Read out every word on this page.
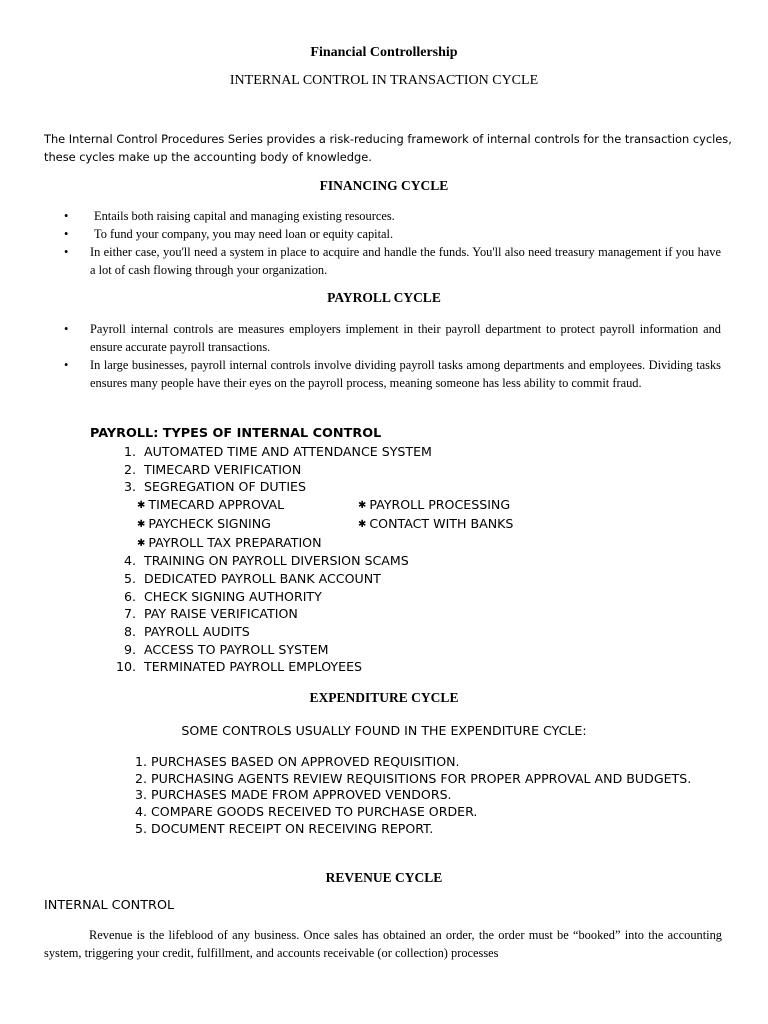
Financial Controllership
INTERNAL CONTROL IN TRANSACTION CYCLE
The Internal Control Procedures Series provides a risk-reducing framework of internal controls for the transaction cycles, these cycles make up the accounting body of knowledge.
FINANCING CYCLE
• Entails both raising capital and managing existing resources.
• To fund your company, you may need loan or equity capital.
• In either case, you'll need a system in place to acquire and handle the funds. You'll also need treasury management if you have a lot of cash flowing through your organization.
PAYROLL CYCLE
• Payroll internal controls are measures employers implement in their payroll department to protect payroll information and ensure accurate payroll transactions.
• In large businesses, payroll internal controls involve dividing payroll tasks among departments and employees. Dividing tasks ensures many people have their eyes on the payroll process, meaning someone has less ability to commit fraud.
PAYROLL: TYPES OF INTERNAL CONTROL
1. AUTOMATED TIME AND ATTENDANCE SYSTEM
2. TIMECARD VERIFICATION
3. SEGREGATION OF DUTIES
✱ TIMECARD APPROVAL	✱ PAYROLL PROCESSING
✱ PAYCHECK SIGNING	✱ CONTACT WITH BANKS
✱ PAYROLL TAX PREPARATION
4. TRAINING ON PAYROLL DIVERSION SCAMS
5. DEDICATED PAYROLL BANK ACCOUNT
6. CHECK SIGNING AUTHORITY
7. PAY RAISE VERIFICATION
8. PAYROLL AUDITS
9. ACCESS TO PAYROLL SYSTEM
10. TERMINATED PAYROLL EMPLOYEES
EXPENDITURE CYCLE
SOME CONTROLS USUALLY FOUND IN THE EXPENDITURE CYCLE:
1. PURCHASES BASED ON APPROVED REQUISITION.
2. PURCHASING AGENTS REVIEW REQUISITIONS FOR PROPER APPROVAL AND BUDGETS.
3. PURCHASES MADE FROM APPROVED VENDORS.
4. COMPARE GOODS RECEIVED TO PURCHASE ORDER.
5. DOCUMENT RECEIPT ON RECEIVING REPORT.
REVENUE CYCLE
INTERNAL CONTROL
Revenue is the lifeblood of any business. Once sales has obtained an order, the order must be “booked” into the accounting system, triggering your credit, fulfillment, and accounts receivable (or collection) processes
